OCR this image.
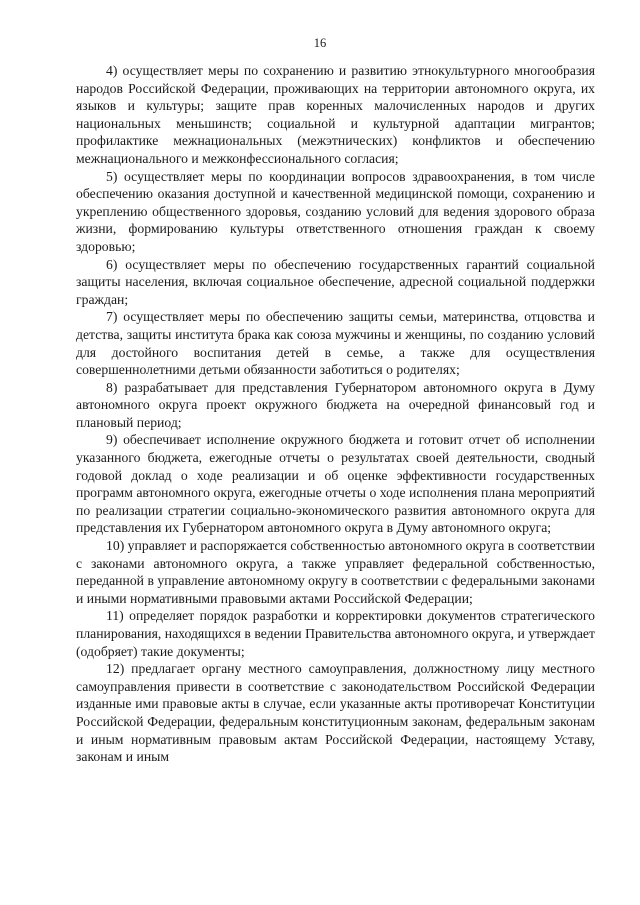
16

4) осуществляет меры по сохранению и развитию этнокультурного многообразия народов Российской Федерации, проживающих на территории автономного округа, их языков и культуры; защите прав коренных малочисленных народов и других национальных меньшинств; социальной и культурной адаптации мигрантов; профилактике межнациональных (межэтнических) конфликтов и обеспечению межнационального и межконфессионального согласия;

5) осуществляет меры по координации вопросов здравоохранения, в том числе обеспечению оказания доступной и качественной медицинской помощи, сохранению и укреплению общественного здоровья, созданию условий для ведения здорового образа жизни, формированию культуры ответственного отношения граждан к своему здоровью;

6) осуществляет меры по обеспечению государственных гарантий социальной защиты населения, включая социальное обеспечение, адресной социальной поддержки граждан;

7) осуществляет меры по обеспечению защиты семьи, материнства, отцовства и детства, защиты института брака как союза мужчины и женщины, по созданию условий для достойного воспитания детей в семье, а также для осуществления совершеннолетними детьми обязанности заботиться о родителях;

8) разрабатывает для представления Губернатором автономного округа в Думу автономного округа проект окружного бюджета на очередной финансовый год и плановый период;

9) обеспечивает исполнение окружного бюджета и готовит отчет об исполнении указанного бюджета, ежегодные отчеты о результатах своей деятельности, сводный годовой доклад о ходе реализации и об оценке эффективности государственных программ автономного округа, ежегодные отчеты о ходе исполнения плана мероприятий по реализации стратегии социально-экономического развития автономного округа для представления их Губернатором автономного округа в Думу автономного округа;

10) управляет и распоряжается собственностью автономного округа в соответствии с законами автономного округа, а также управляет федеральной собственностью, переданной в управление автономному округу в соответствии с федеральными законами и иными нормативными правовыми актами Российской Федерации;

11) определяет порядок разработки и корректировки документов стратегического планирования, находящихся в ведении Правительства автономного округа, и утверждает (одобряет) такие документы;

12) предлагает органу местного самоуправления, должностному лицу местного самоуправления привести в соответствие с законодательством Российской Федерации изданные ими правовые акты в случае, если указанные акты противоречат Конституции Российской Федерации, федеральным конституционным законам, федеральным законам и иным нормативным правовым актам Российской Федерации, настоящему Уставу, законам и иным
